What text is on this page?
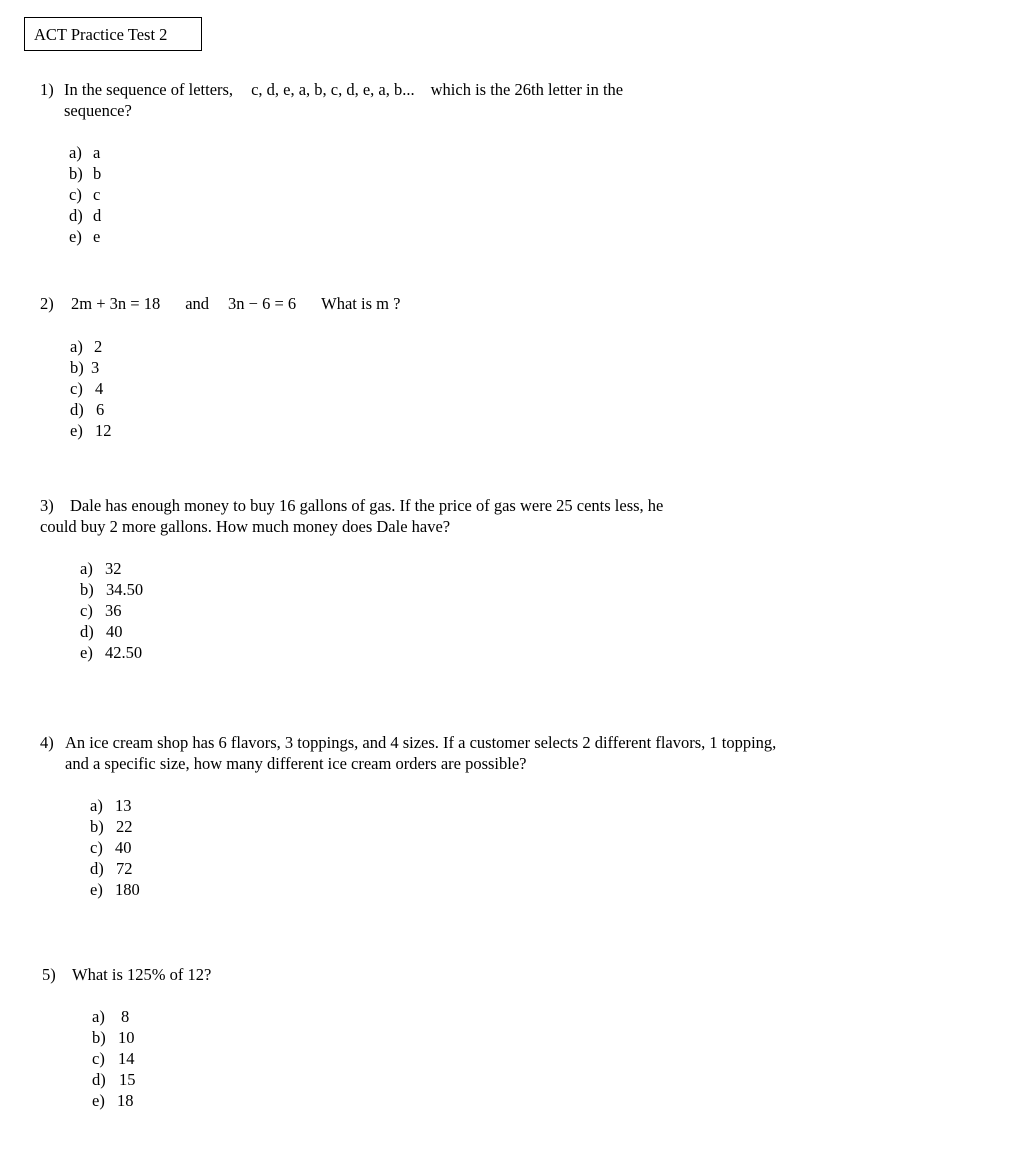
ACT Practice Test 2
1) In the sequence of letters, c, d, e, a, b, c, d, e, a, b... which is the 26th letter in the
sequence?
a) a
b) b
c) c
d) d
e) e
2) 2m + 3n = 18 and 3n − 6 = 6 What is m ?
a) 2
b) 3
c) 4
d) 6
e) 12
3) Dale has enough money to buy 16 gallons of gas. If the price of gas were 25 cents less, he
could buy 2 more gallons. How much money does Dale have?
a) 32
b) 34.50
c) 36
d) 40
e) 42.50
4) An ice cream shop has 6 flavors, 3 toppings, and 4 sizes. If a customer selects 2 different flavors, 1 topping,
and a specific size, how many different ice cream orders are possible?
a) 13
b) 22
c) 40
d) 72
e) 180
5) What is 125% of 12?
a) 8
b) 10
c) 14
d) 15
e) 18
